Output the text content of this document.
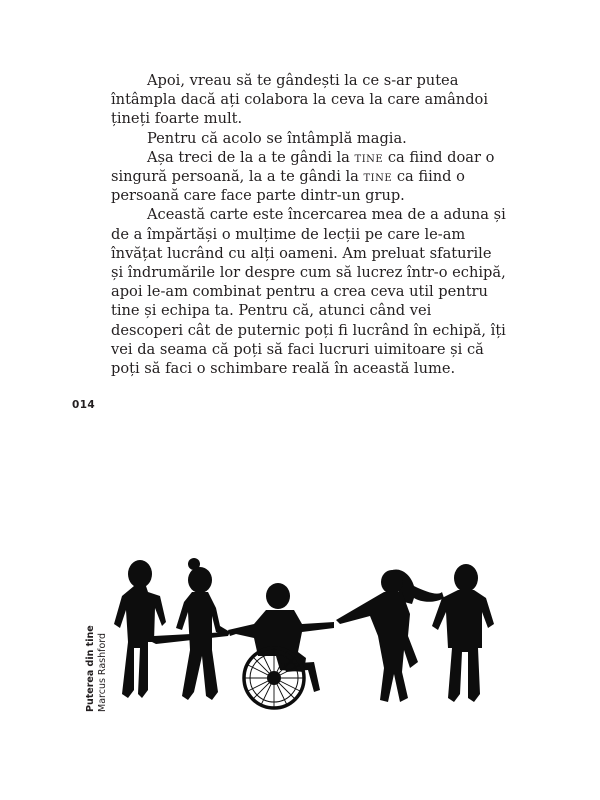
Apoi, vreau să te gândești la ce s-ar putea întâmpla dacă ați colabora la ceva la care amândoi țineți foarte mult.

Pentru că acolo se întâmplă magia.

Așa treci de la a te gândi la tine ca fiind doar o singură persoană, la a te gândi la tine ca fiind o persoană care face parte dintr-un grup.

Această carte este încercarea mea de a aduna și de a împărtăși o mulțime de lecții pe care le-am învățat lucrând cu alți oameni. Am preluat sfaturile și îndrumările lor despre cum să lucrez într-o echipă, apoi le-am combinat pentru a crea ceva util pentru tine și echipa ta. Pentru că, atunci când vei descoperi cât de puternic poți fi lucrând în echipă, îți vei da seama că poți să faci lucruri uimitoare și că poți să faci o schimbare reală în această lume.

014
Puterea din tine Marcus Rashford
